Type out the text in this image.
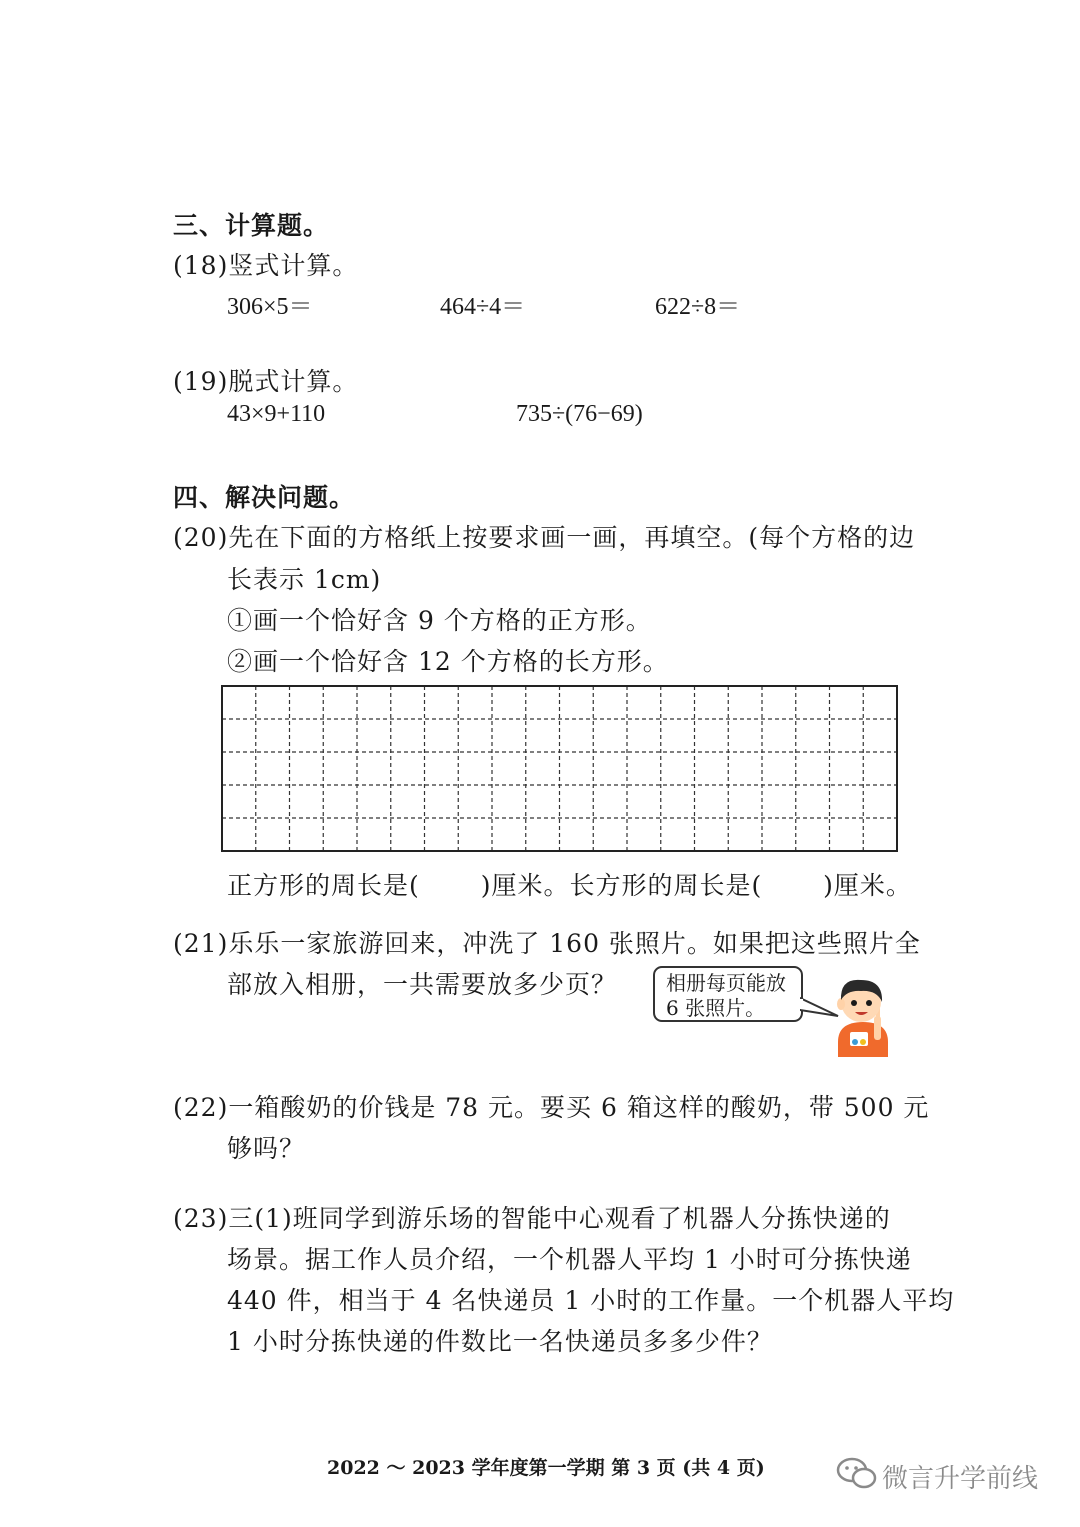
三、计算题。
(18)竖式计算。
306×5＝	464÷4＝	622÷8＝
(19)脱式计算。
43×9+110	735÷(76−69)
四、解决问题。
(20)先在下面的方格纸上按要求画一画，再填空。(每个方格的边
长表示 1cm)
①画一个恰好含 9 个方格的正方形。
②画一个恰好含 12 个方格的长方形。
正方形的周长是(　　 )厘米。长方形的周长是(　　 )厘米。
(21)乐乐一家旅游回来，冲洗了 160 张照片。如果把这些照片全
部放入相册，一共需要放多少页？ 相册每页能放
6 张照片。
(22)一箱酸奶的价钱是 78 元。要买 6 箱这样的酸奶，带 500 元
够吗？
(23)三(1)班同学到游乐场的智能中心观看了机器人分拣快递的
场景。据工作人员介绍，一个机器人平均 1 小时可分拣快递
440 件，相当于 4 名快递员 1 小时的工作量。一个机器人平均
1 小时分拣快递的件数比一名快递员多多少件？
2022 ～ 2023 学年度第一学期 第 3 页 (共 4 页)	微言升学前线
